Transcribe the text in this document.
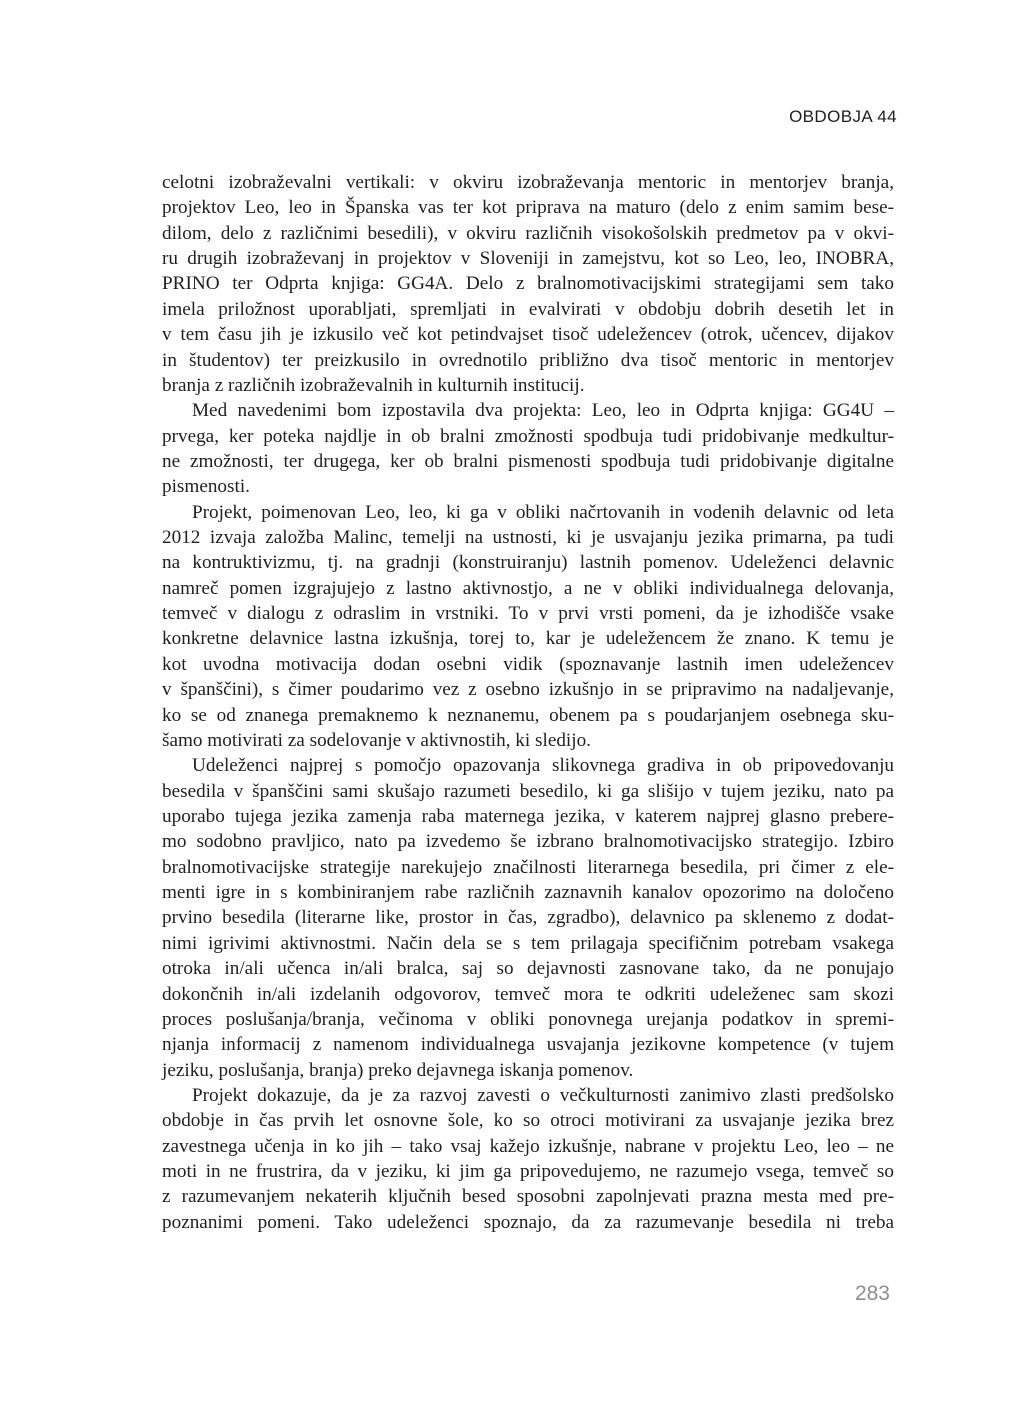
OBDOBJA 44
celotni izobraževalni vertikali: v okviru izobraževanja mentoric in mentorjev branja,
projektov Leo, leo in Španska vas ter kot priprava na maturo (delo z enim samim bese-
dilom, delo z različnimi besedili), v okviru različnih visokošolskih predmetov pa v okvi-
ru drugih izobraževanj in projektov v Sloveniji in zamejstvu, kot so Leo, leo, INOBRA,
PRINO ter Odprta knjiga: GG4A. Delo z bralnomotivacijskimi strategijami sem tako
imela priložnost uporabljati, spremljati in evalvirati v obdobju dobrih desetih let in
v tem času jih je izkusilo več kot petindvajset tisoč udeležencev (otrok, učencev, dijakov
in študentov) ter preizkusilo in ovrednotilo približno dva tisoč mentoric in mentorjev
branja z različnih izobraževalnih in kulturnih institucij.
Med navedenimi bom izpostavila dva projekta: Leo, leo in Odprta knjiga: GG4U –
prvega, ker poteka najdlje in ob bralni zmožnosti spodbuja tudi pridobivanje medkultur-
ne zmožnosti, ter drugega, ker ob bralni pismenosti spodbuja tudi pridobivanje digitalne
pismenosti.
Projekt, poimenovan Leo, leo, ki ga v obliki načrtovanih in vodenih delavnic od leta
2012 izvaja založba Malinc, temelji na ustnosti, ki je usvajanju jezika primarna, pa tudi
na kontruktivizmu, tj. na gradnji (konstruiranju) lastnih pomenov. Udeleženci delavnic
namreč pomen izgrajujejo z lastno aktivnostjo, a ne v obliki individualnega delovanja,
temveč v dialogu z odraslim in vrstniki. To v prvi vrsti pomeni, da je izhodišče vsake
konkretne delavnice lastna izkušnja, torej to, kar je udeležencem že znano. K temu je
kot uvodna motivacija dodan osebni vidik (spoznavanje lastnih imen udeležencev
v španščini), s čimer poudarimo vez z osebno izkušnjo in se pripravimo na nadaljevanje,
ko se od znanega premaknemo k neznanemu, obenem pa s poudarjanjem osebnega sku-
šamo motivirati za sodelovanje v aktivnostih, ki sledijo.
Udeleženci najprej s pomočjo opazovanja slikovnega gradiva in ob pripovedovanju
besedila v španščini sami skušajo razumeti besedilo, ki ga slišijo v tujem jeziku, nato pa
uporabo tujega jezika zamenja raba maternega jezika, v katerem najprej glasno prebere-
mo sodobno pravljico, nato pa izvedemo še izbrano bralnomotivacijsko strategijo. Izbiro
bralnomotivacijske strategije narekujejo značilnosti literarnega besedila, pri čimer z ele-
menti igre in s kombiniranjem rabe različnih zaznavnih kanalov opozorimo na določeno
prvino besedila (literarne like, prostor in čas, zgradbo), delavnico pa sklenemo z dodat-
nimi igrivimi aktivnostmi. Način dela se s tem prilagaja specifičnim potrebam vsakega
otroka in/ali učenca in/ali bralca, saj so dejavnosti zasnovane tako, da ne ponujajo
dokončnih in/ali izdelanih odgovorov, temveč mora te odkriti udeleženec sam skozi
proces poslušanja/branja, večinoma v obliki ponovnega urejanja podatkov in spremi-
njanja informacij z namenom individualnega usvajanja jezikovne kompetence (v tujem
jeziku, poslušanja, branja) preko dejavnega iskanja pomenov.
Projekt dokazuje, da je za razvoj zavesti o večkulturnosti zanimivo zlasti predšolsko
obdobje in čas prvih let osnovne šole, ko so otroci motivirani za usvajanje jezika brez
zavestnega učenja in ko jih – tako vsaj kažejo izkušnje, nabrane v projektu Leo, leo – ne
moti in ne frustrira, da v jeziku, ki jim ga pripovedujemo, ne razumejo vsega, temveč so
z razumevanjem nekaterih ključnih besed sposobni zapolnjevati prazna mesta med pre-
poznanimi pomeni. Tako udeleženci spoznajo, da za razumevanje besedila ni treba
283
